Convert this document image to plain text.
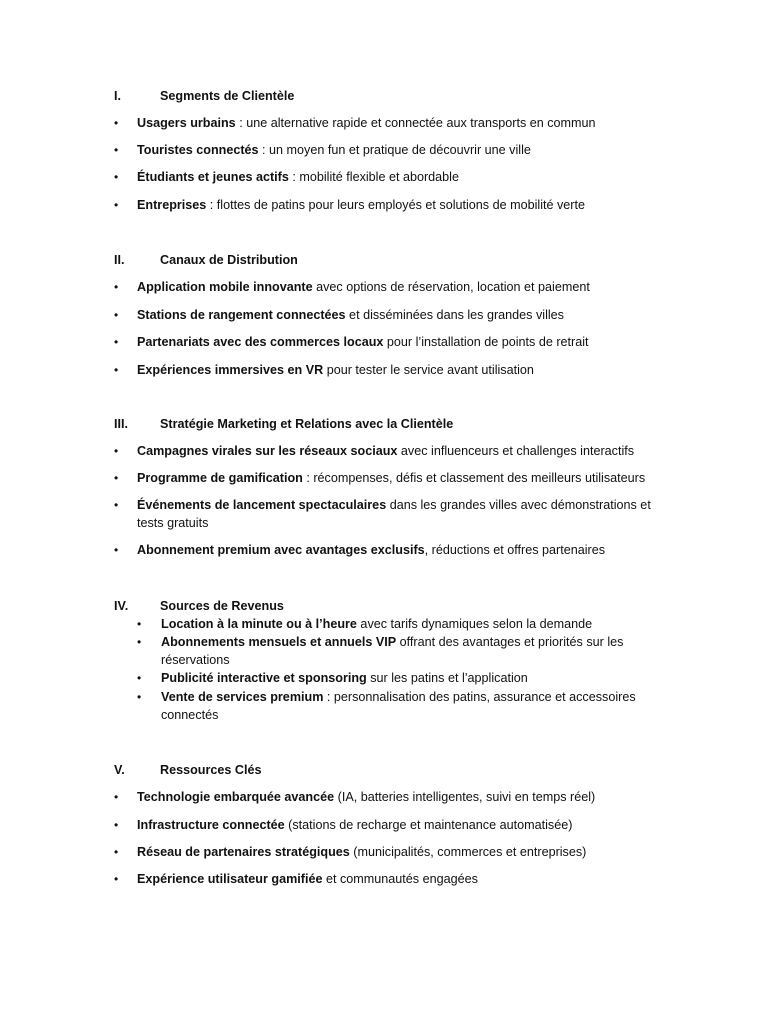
I.	Segments de Clientèle
•	Usagers urbains : une alternative rapide et connectée aux transports en commun
•	Touristes connectés : un moyen fun et pratique de découvrir une ville
•	Étudiants et jeunes actifs : mobilité flexible et abordable
•	Entreprises : flottes de patins pour leurs employés et solutions de mobilité verte
II.	Canaux de Distribution
•	Application mobile innovante avec options de réservation, location et paiement
•	Stations de rangement connectées et disséminées dans les grandes villes
•	Partenariats avec des commerces locaux pour l’installation de points de retrait
•	Expériences immersives en VR pour tester le service avant utilisation
III.	Stratégie Marketing et Relations avec la Clientèle
•	Campagnes virales sur les réseaux sociaux avec influenceurs et challenges interactifs
•	Programme de gamification : récompenses, défis et classement des meilleurs utilisateurs
•	Événements de lancement spectaculaires dans les grandes villes avec démonstrations et tests gratuits
•	Abonnement premium avec avantages exclusifs, réductions et offres partenaires
IV.	Sources de Revenus
•	Location à la minute ou à l’heure avec tarifs dynamiques selon la demande
•	Abonnements mensuels et annuels VIP offrant des avantages et priorités sur les réservations
•	Publicité interactive et sponsoring sur les patins et l’application
•	Vente de services premium : personnalisation des patins, assurance et accessoires connectés
V.	Ressources Clés
•	Technologie embarquée avancée (IA, batteries intelligentes, suivi en temps réel)
•	Infrastructure connectée (stations de recharge et maintenance automatisée)
•	Réseau de partenaires stratégiques (municipalités, commerces et entreprises)
•	Expérience utilisateur gamifiée et communautés engagées
